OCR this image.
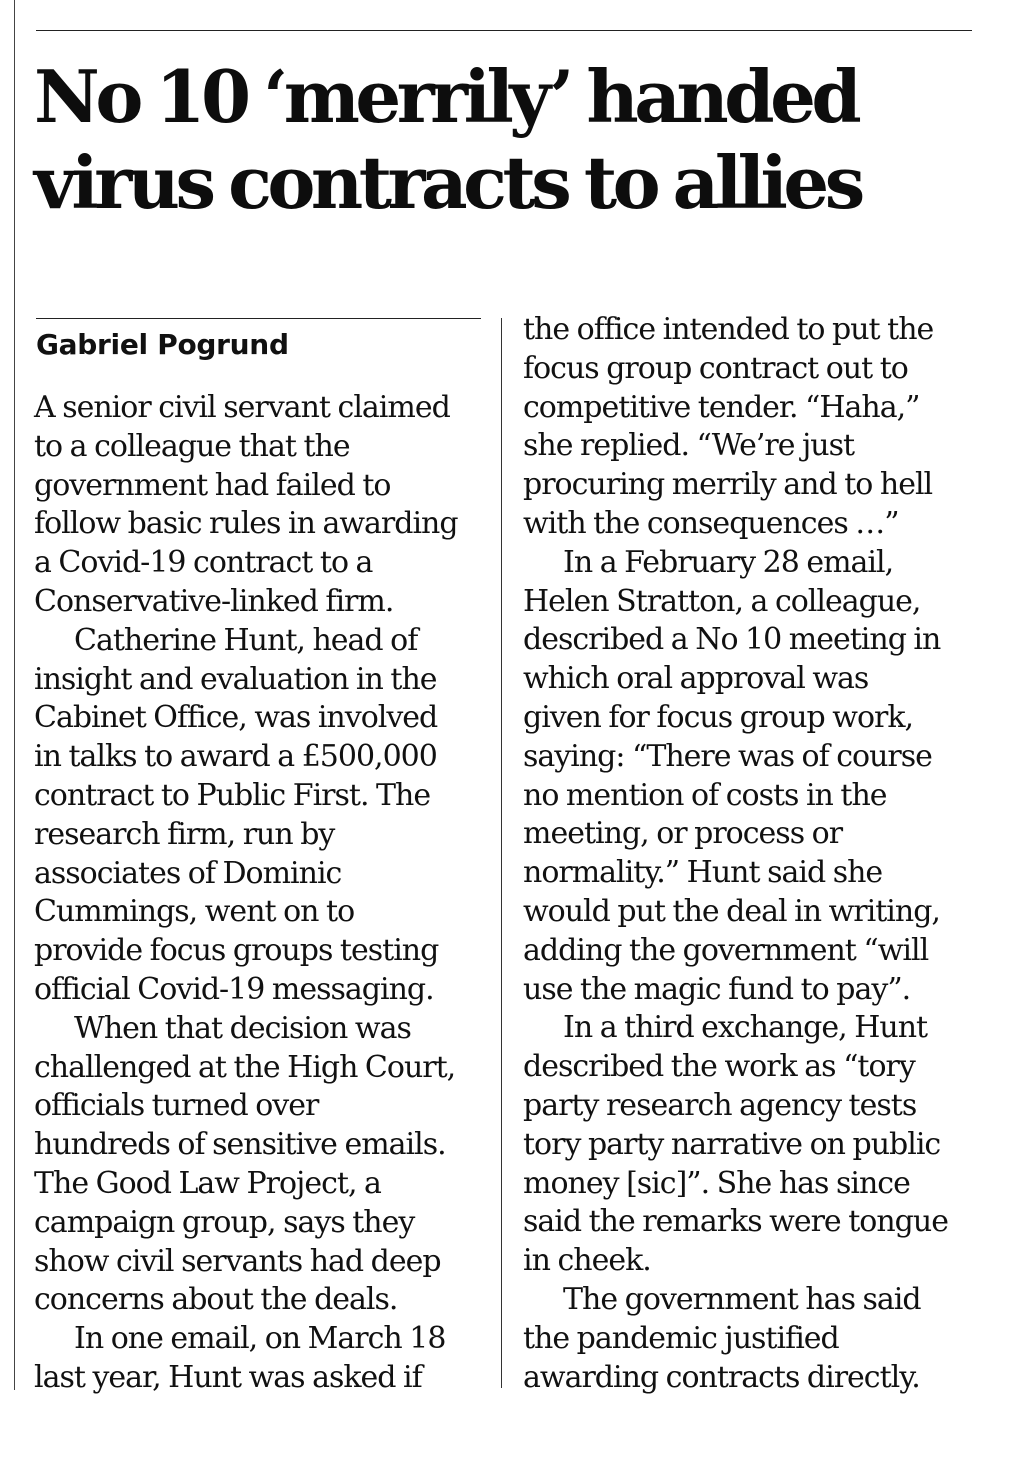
No 10 ‘merrily’ handed
virus contracts to allies

Gabriel Pogrund

A senior civil servant claimed
to a colleague that the
government had failed to
follow basic rules in awarding
a Covid-19 contract to a
Conservative-linked firm.

Catherine Hunt, head of
insight and evaluation in the
Cabinet Office, was involved
in talks to award a £500,000
contract to Public First. The
research firm, run by
associates of Dominic
Cummings, went on to
provide focus groups testing
official Covid-19 messaging.

When that decision was
challenged at the High Court,
officials turned over
hundreds of sensitive emails.
The Good Law Project, a
campaign group, says they
show civil servants had deep
concerns about the deals.

In one email, on March 18
last year, Hunt was asked if

the office intended to put the
focus group contract out to
competitive tender. “Haha,”
she replied. “We’re just
procuring merrily and to hell
with the consequences …”

In a February 28 email,
Helen Stratton, a colleague,
described a No 10 meeting in
which oral approval was
given for focus group work,
saying: “There was of course
no mention of costs in the
meeting, or process or
normality.” Hunt said she
would put the deal in writing,
adding the government “will
use the magic fund to pay”.

In a third exchange, Hunt
described the work as “tory
party research agency tests
tory party narrative on public
money [sic]”. She has since
said the remarks were tongue
in cheek.

The government has said
the pandemic justified
awarding contracts directly.
